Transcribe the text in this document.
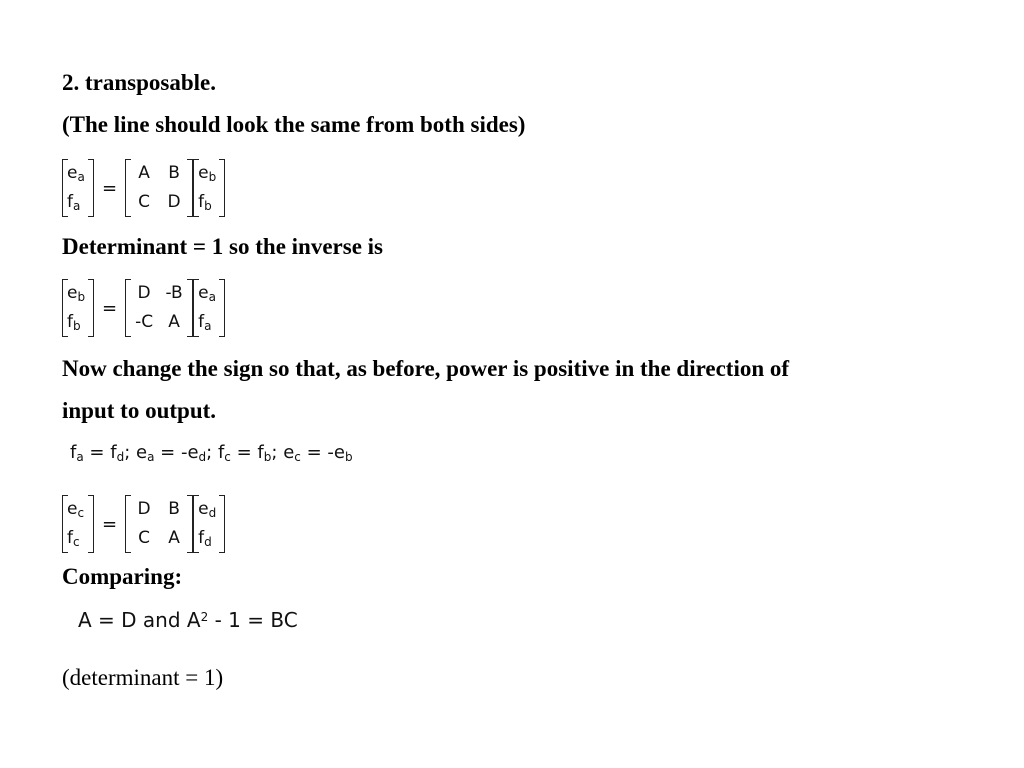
2. transposable.
(The line should look the same from both sides)
$e_a$
$f_a$
=
A B
C D
$e_b$
$f_b$
Determinant = 1 so the inverse is
$e_b$
$f_b$
=
D -B
-C A
$e_a$
$f_a$
Now change the sign so that, as before, power is positive in the direction of
input to output.
$f_a = f_d$; $e_a = -e_d$; $f_c = f_b$; $e_c = -e_b$
$e_c$
$f_c$
=
D B
C A
$e_d$
$f_d$
Comparing:
A = D and $A^2 - 1$ = BC
(determinant = 1)
